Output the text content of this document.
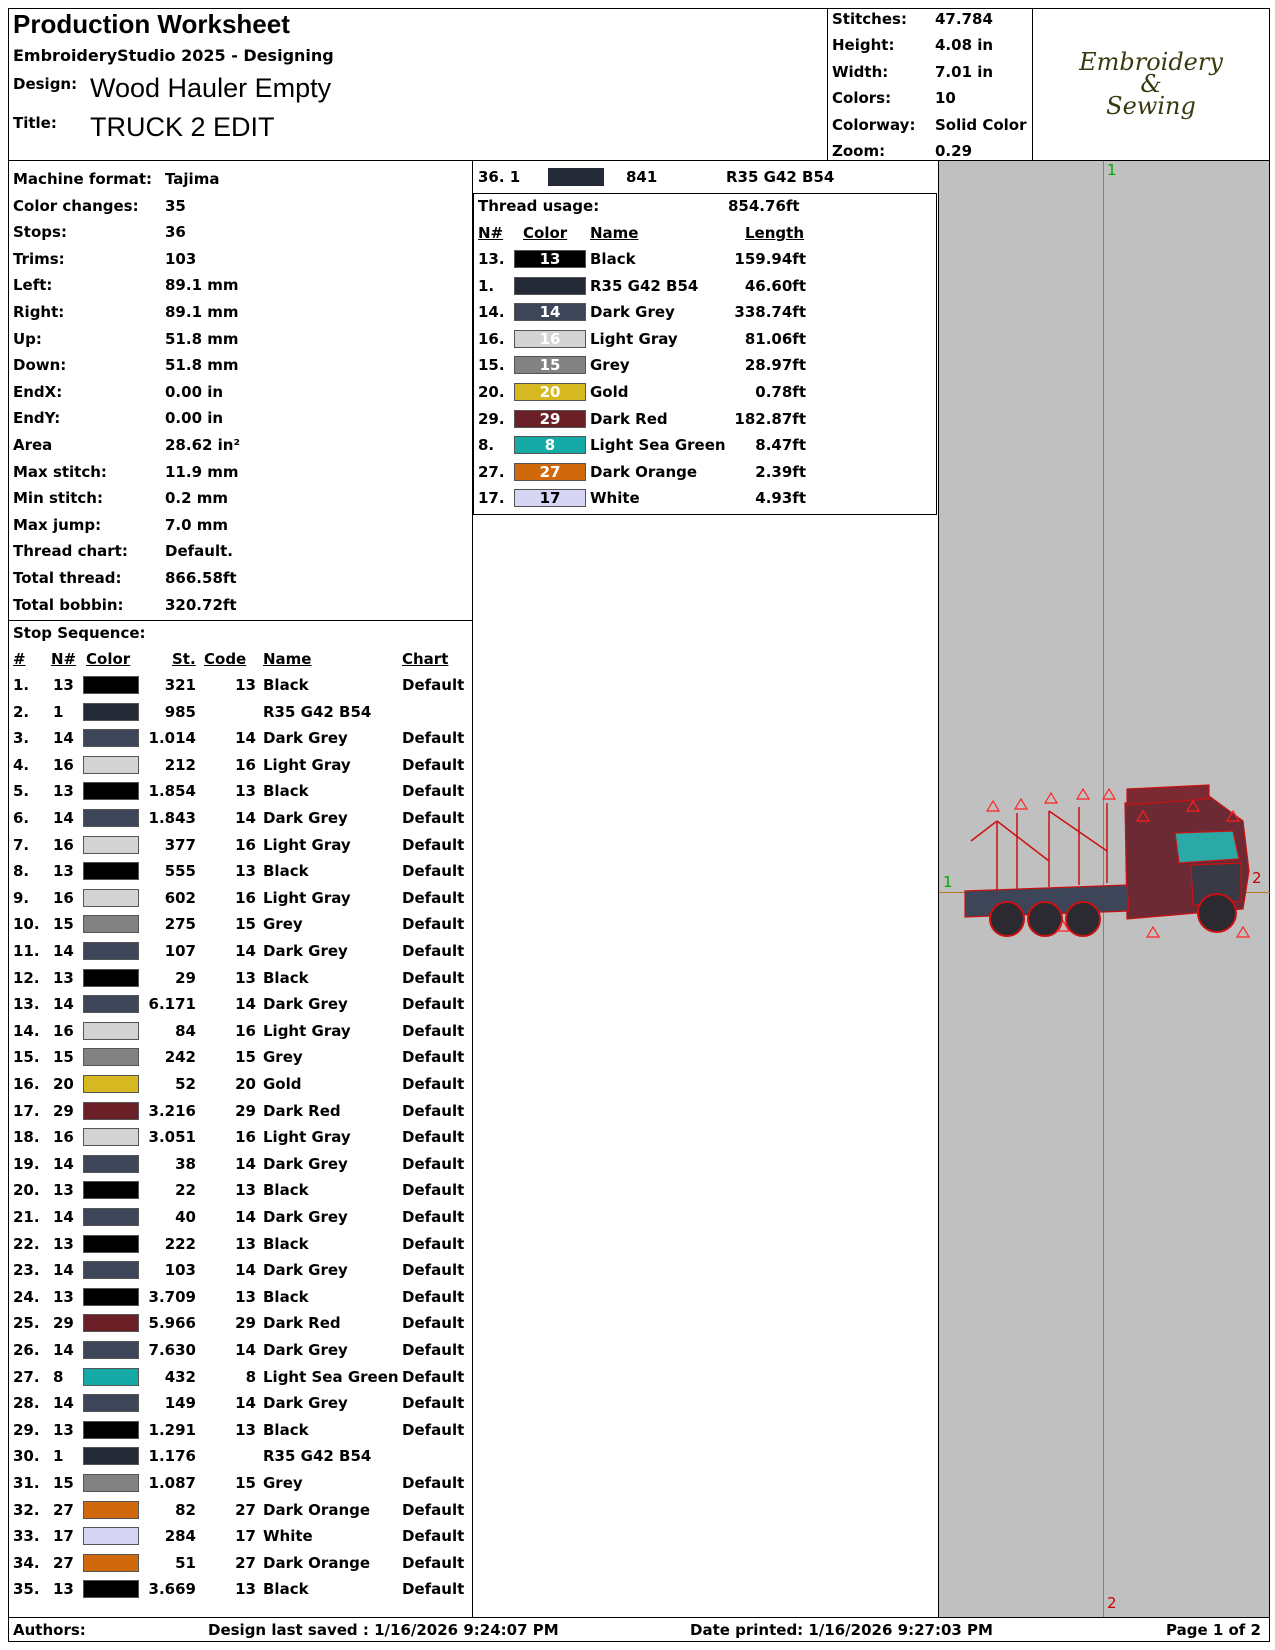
Production Worksheet
EmbroideryStudio 2025 - Designing
Design: Wood Hauler Empty
Title: TRUCK 2 EDIT
Stitches: 47.784
Height:	4.08 in
Width:	7.01 in
Colors:	10
Colorway: Solid Color
Zoom:	0.29
Embroidery
&
Sewing
Machine format: Tajima
Color changes: 35
Stops:	36
Trims:	103
Left:	89.1 mm
Right:	89.1 mm
Up:	51.8 mm
Down:	51.8 mm
EndX:	0.00 in
EndY:	0.00 in
Area	28.62 in²
Max stitch:	11.9 mm
Min stitch:	0.2 mm
Max jump:	7.0 mm
Thread chart: Default.
Total thread:	866.58ft
Total bobbin:	320.72ft
36. 1	841	R35 G42 B54
Thread usage:	854.76ft
N# Color Name	Length
13.	13	Black	159.94ft
1.	R35 G42 B54	46.60ft
14.	14	Dark Grey	338.74ft
16.	16	Light Gray	81.06ft
15.	15	Grey	28.97ft
20.	20	Gold	0.78ft
29.	29	Dark Red	182.87ft
8.	8	Light Sea Green	8.47ft
27.	27	Dark Orange	2.39ft
17.	17	White	4.93ft
Stop Sequence:
# N# Color	St. Code Name	Chart
1. 13	321	13 Black	Default
2. 1	985	R35 G42 B54
3. 14	1.014	14 Dark Grey	Default
4. 16	212	16 Light Gray	Default
5. 13	1.854	13 Black	Default
6. 14	1.843	14 Dark Grey	Default
7. 16	377	16 Light Gray	Default
8. 13	555	13 Black	Default
9. 16	602	16 Light Gray	Default
10. 15	275	15 Grey	Default
11. 14	107	14 Dark Grey	Default
12. 13	29	13 Black	Default
13. 14	6.171	14 Dark Grey	Default
14. 16	84	16 Light Gray	Default
15. 15	242	15 Grey	Default
16. 20	52	20 Gold	Default
17. 29	3.216	29 Dark Red	Default
18. 16	3.051	16 Light Gray	Default
19. 14	38	14 Dark Grey	Default
20. 13	22	13 Black	Default
21. 14	40	14 Dark Grey	Default
22. 13	222	13 Black	Default
23. 14	103	14 Dark Grey	Default
24. 13	3.709	13 Black	Default
25. 29	5.966	29 Dark Red	Default
26. 14	7.630	14 Dark Grey	Default
27. 8	432	8 Light Sea Green Default
28. 14	149	14 Dark Grey	Default
29. 13	1.291	13 Black	Default
30. 1	1.176	R35 G42 B54
31. 15	1.087	15 Grey	Default
32. 27	82	27 Dark Orange Default
33. 17	284	17 White	Default
34. 27	51	27 Dark Orange Default
35. 13	3.669	13 Black	Default
1
1	2
2
Authors:	Design last saved : 1/16/2026 9:24:07 PM	Date printed: 1/16/2026 9:27:03 PM	Page 1 of 2
